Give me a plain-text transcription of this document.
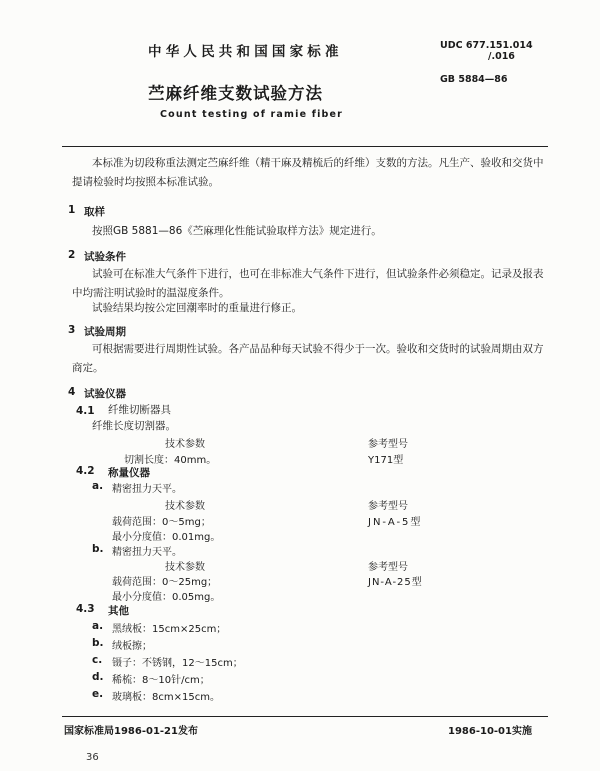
中华人民共和国国家标准	UDC 677.151.014
/.016
GB 5884—86
苎麻纤维支数试验方法
Count testing of ramie fiber
本标准为切段称重法测定苎麻纤维（精干麻及精梳后的纤维）支数的方法。凡生产、验收和交货中提请检验时均按照本标准试验。
1 取样
按照GB 5881—86《苎麻理化性能试验取样方法》规定进行。
2 试验条件
试验可在标准大气条件下进行，也可在非标准大气条件下进行，但试验条件必须稳定。记录及报表中均需注明试验时的温湿度条件。
试验结果均按公定回潮率时的重量进行修正。
3 试验周期
可根据需要进行周期性试验。各产品品种每天试验不得少于一次。验收和交货时的试验周期由双方商定。
4 试验仪器
4.1 纤维切断器具
纤维长度切割器。
技术参数	参考型号
切割长度：40mm。	Y171型
4.2 称量仪器
a. 精密扭力天平。
技术参数	参考型号
载荷范围：0～5mg；	JN-A-5型
最小分度值：0.01mg。
b. 精密扭力天平。
技术参数	参考型号
载荷范围：0～25mg；	JN-A-25型
最小分度值：0.05mg。
4.3 其他
a. 黑绒板：15cm×25cm；
b. 绒板擦；
c. 镊子：不锈钢，12～15cm；
d. 稀梳：8～10针/cm；
e. 玻璃板：8cm×15cm。
国家标准局1986-01-21发布	1986-10-01实施
36
